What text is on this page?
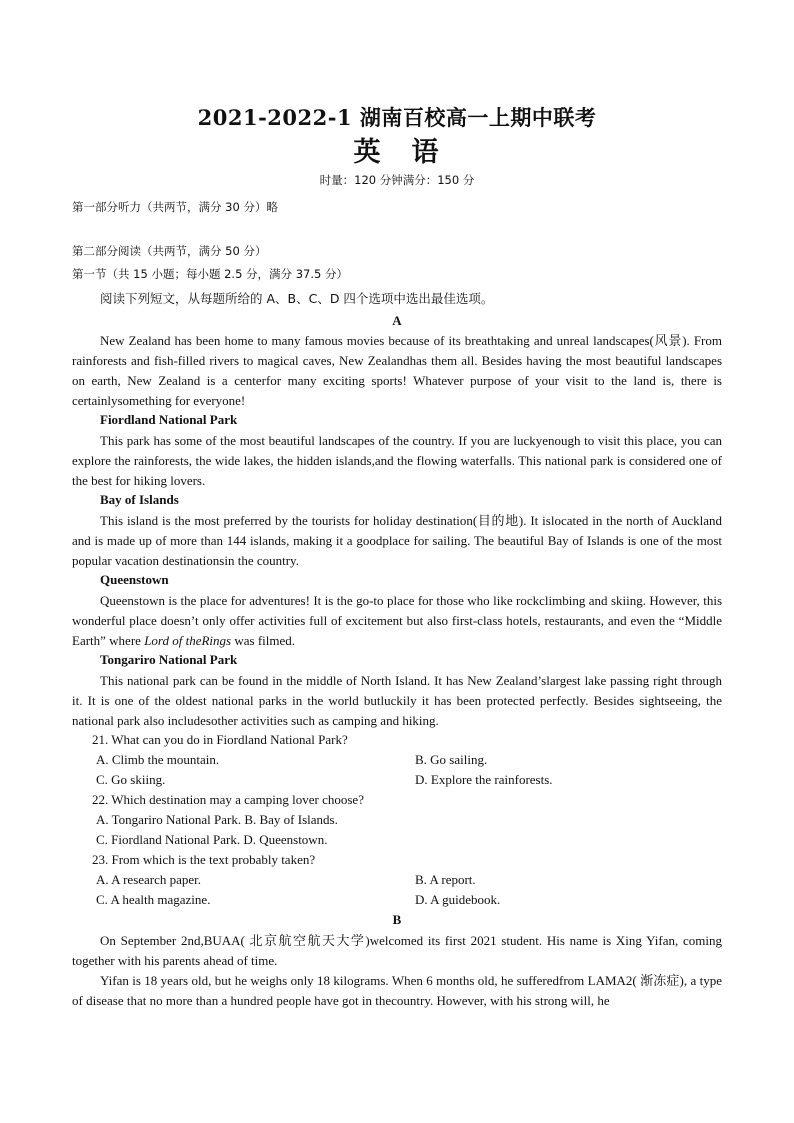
2021-2022-1 湖南百校高一上期中联考
英　语
时量：120 分钟满分：150 分
第一部分听力（共两节，满分 30 分）略
第二部分阅读（共两节，满分 50 分）
第一节（共 15 小题；每小题 2.5 分，满分 37.5 分）
阅读下列短文，从每题所给的 A、B、C、D 四个选项中选出最佳选项。
A
New Zealand has been home to many famous movies because of its breathtaking and unreal landscapes(风景). From rainforests and fish-filled rivers to magical caves, New Zealandhas them all. Besides having the most beautiful landscapes on earth, New Zealand is a centerfor many exciting sports! Whatever purpose of your visit to the land is, there is certainlysomething for everyone!
Fiordland National Park
This park has some of the most beautiful landscapes of the country. If you are luckyenough to visit this place, you can explore the rainforests, the wide lakes, the hidden islands,and the flowing waterfalls. This national park is considered one of the best for hiking lovers.
Bay of Islands
This island is the most preferred by the tourists for holiday destination(目的地). It islocated in the north of Auckland and is made up of more than 144 islands, making it a goodplace for sailing. The beautiful Bay of Islands is one of the most popular vacation destinationsin the country.
Queenstown
Queenstown is the place for adventures! It is the go-to place for those who like rockclimbing and skiing. However, this wonderful place doesn’t only offer activities full of excitement but also first-class hotels, restaurants, and even the “Middle Earth” where Lord of theRings was filmed.
Tongariro National Park
This national park can be found in the middle of North Island. It has New Zealand’slargest lake passing right through it. It is one of the oldest national parks in the world butluckily it has been protected perfectly. Besides sightseeing, the national park also includesother activities such as camping and hiking.
21. What can you do in Fiordland National Park?
A. Climb the mountain.	B. Go sailing.
C. Go skiing.	D. Explore the rainforests.
22. Which destination may a camping lover choose?
A. Tongariro National Park. B. Bay of Islands.
C. Fiordland National Park. D. Queenstown.
23. From which is the text probably taken?
A. A research paper.	B. A report.
C. A health magazine.	D. A guidebook.
B
On September 2nd,BUAA( 北京航空航天大学)welcomed its first 2021 student. His name is Xing Yifan, coming together with his parents ahead of time.
Yifan is 18 years old, but he weighs only 18 kilograms. When 6 months old, he sufferedfrom LAMA2( 渐冻症), a type of disease that no more than a hundred people have got in thecountry. However, with his strong will, he
